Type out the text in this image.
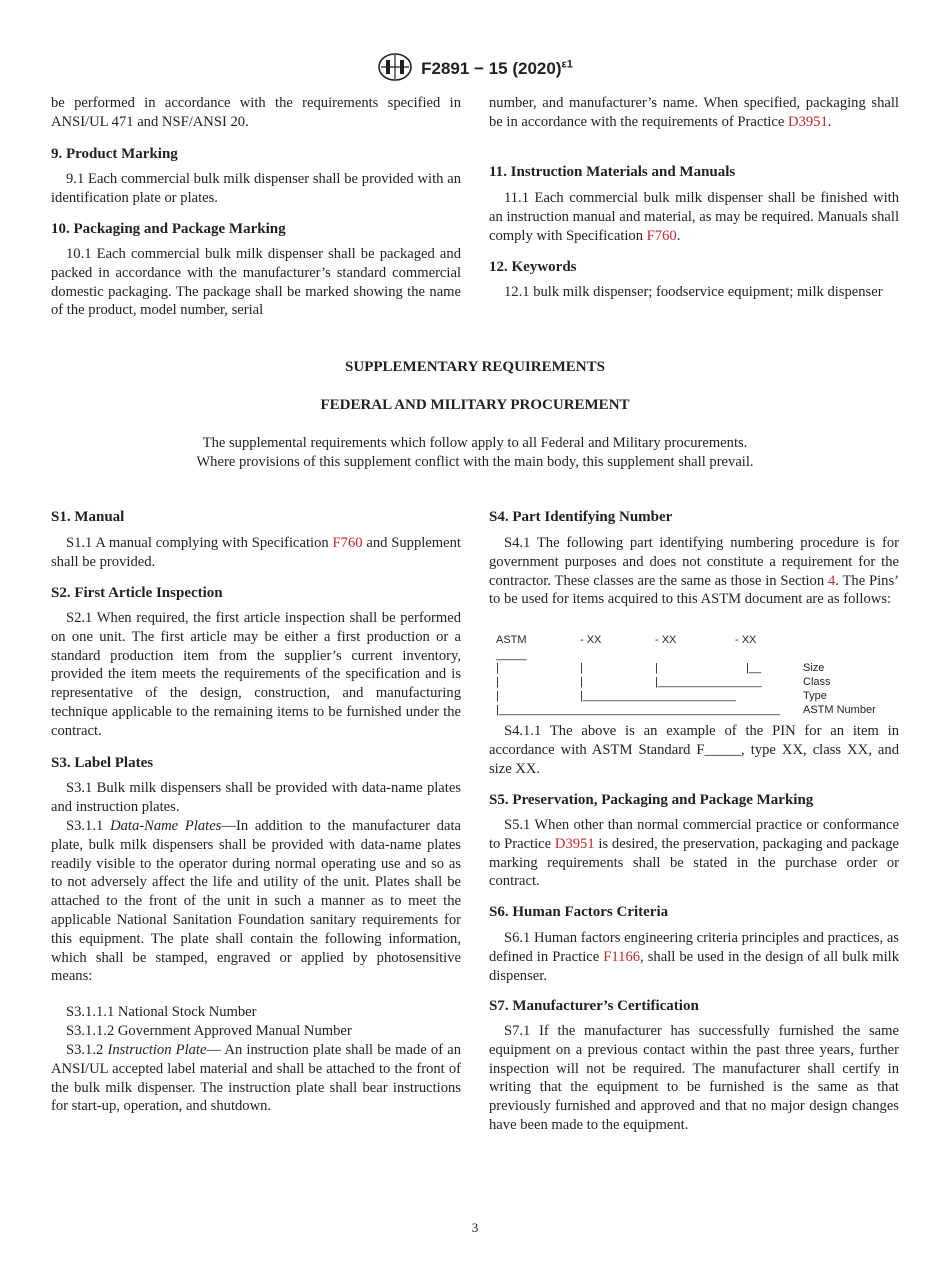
F2891 − 15 $(2020)^{\varepsilon 1}$
be performed in accordance with the requirements specified in ANSI/UL 471 and NSF/ANSI 20.
9. Product Marking
9.1 Each commercial bulk milk dispenser shall be provided with an identification plate or plates.
10. Packaging and Package Marking
10.1 Each commercial bulk milk dispenser shall be packaged and packed in accordance with the manufacturer’s standard commercial domestic packaging. The package shall be marked showing the name of the product, model number, serial
number, and manufacturer’s name. When specified, packaging shall be in accordance with the requirements of Practice D3951.
11. Instruction Materials and Manuals
11.1 Each commercial bulk milk dispenser shall be finished with an instruction manual and material, as may be required. Manuals shall comply with Specification F760.
12. Keywords
12.1 bulk milk dispenser; foodservice equipment; milk dispenser
SUPPLEMENTARY REQUIREMENTS
FEDERAL AND MILITARY PROCUREMENT
The supplemental requirements which follow apply to all Federal and Military procurements.
Where provisions of this supplement conflict with the main body, this supplement shall prevail.
S1. Manual
S1.1 A manual complying with Specification F760 and Supplement shall be provided.
S2. First Article Inspection
S2.1 When required, the first article inspection shall be performed on one unit. The first article may be either a first production or a standard production item from the supplier’s current inventory, provided the item meets the requirements of the specification and is representative of the design, construction, and manufacturing technique applicable to the remaining items to be furnished under the contract.
S3. Label Plates
S3.1 Bulk milk dispensers shall be provided with data-name plates and instruction plates.
S3.1.1 Data-Name Plates—In addition to the manufacturer data plate, bulk milk dispensers shall be provided with data-name plates readily visible to the operator during normal operating use and so as to not adversely affect the life and utility of the unit. Plates shall be attached to the front of the unit in such a manner as to meet the applicable National Sanitation Foundation sanitary requirements for this equipment. The plate shall contain the following information, which shall be stamped, engraved or applied by photosensitive means:
S3.1.1.1 National Stock Number
S3.1.1.2 Government Approved Manual Number
S3.1.2 Instruction Plate— An instruction plate shall be made of an ANSI/UL accepted label material and shall be attached to the front of the bulk milk dispenser. The instruction plate shall bear instructions for start-up, operation, and shutdown.
S4. Part Identifying Number
S4.1 The following part identifying numbering procedure is for government purposes and does not constitute a requirement for the contractor. These classes are the same as those in Section 4. The Pins’ to be used for items acquired to this ASTM document are as follows:
ASTM	- XX	- XX	- XX
_____
|	|	|	|__	Size
|	|	|_________________	Class
|	|_________________________	Type
|______________________________________________ ASTM Number
S4.1.1 The above is an example of the PIN for an item in accordance with ASTM Standard F_____, type XX, class XX, and size XX.
S5. Preservation, Packaging and Package Marking
S5.1 When other than normal commercial practice or conformance to Practice D3951 is desired, the preservation, packaging and package marking requirements shall be stated in the purchase order or contract.
S6. Human Factors Criteria
S6.1 Human factors engineering criteria principles and practices, as defined in Practice F1166, shall be used in the design of all bulk milk dispenser.
S7. Manufacturer’s Certification
S7.1 If the manufacturer has successfully furnished the same equipment on a previous contact within the past three years, further inspection will not be required. The manufacturer shall certify in writing that the equipment to be furnished is the same as that previously furnished and approved and that no major design changes have been made to the equipment.
3
